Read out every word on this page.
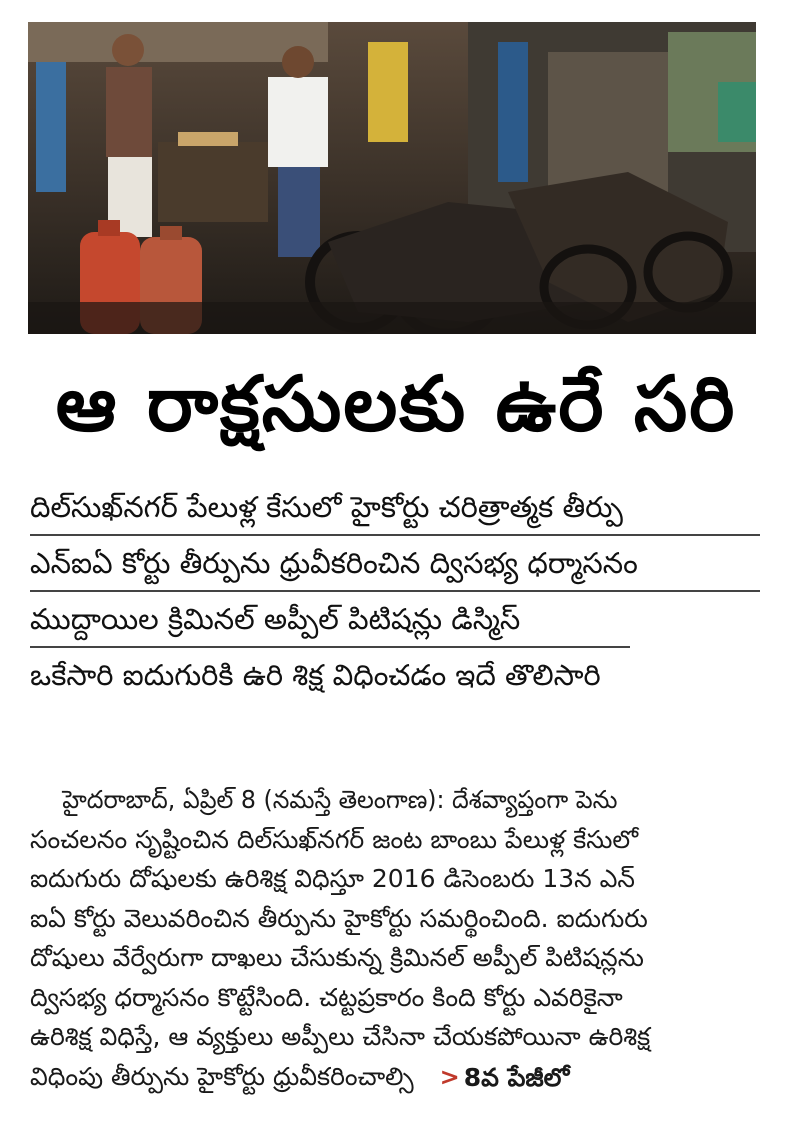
ఆ రాక్షసులకు ఉరే సరి
దిల్‌సుఖ్‌నగర్ పేలుళ్ల కేసులో హైకోర్టు చరిత్రాత్మక తీర్పు
ఎన్‌ఐఏ కోర్టు తీర్పును ధ్రువీకరించిన ద్విసభ్య ధర్మాసనం
ముద్దాయిల క్రిమినల్ అప్పీల్ పిటిషన్లు డిస్మిస్
ఒకేసారి ఐదుగురికి ఉరి శిక్ష విధించడం ఇదే తొలిసారి
హైదరాబాద్, ఏప్రిల్ 8 (నమస్తే తెలంగాణ): దేశవ్యాప్తంగా పెను
సంచలనం సృష్టించిన దిల్‌సుఖ్‌నగర్ జంట బాంబు పేలుళ్ల కేసులో
ఐదుగురు దోషులకు ఉరిశిక్ష విధిస్తూ 2016 డిసెంబరు 13న ఎన్
ఐఏ కోర్టు వెలువరించిన తీర్పును హైకోర్టు సమర్థించింది. ఐదుగురు
దోషులు వేర్వేరుగా దాఖలు చేసుకున్న క్రిమినల్ అప్పీల్ పిటిషన్లను
ద్విసభ్య ధర్మాసనం కొట్టేసింది. చట్టప్రకారం కింది కోర్టు ఎవరికైనా
ఉరిశిక్ష విధిస్తే, ఆ వ్యక్తులు అప్పీలు చేసినా చేయకపోయినా ఉరిశిక్ష
విధింపు తీర్పును హైకోర్టు ధ్రువీకరించాల్సి > 8వ పేజీలో
